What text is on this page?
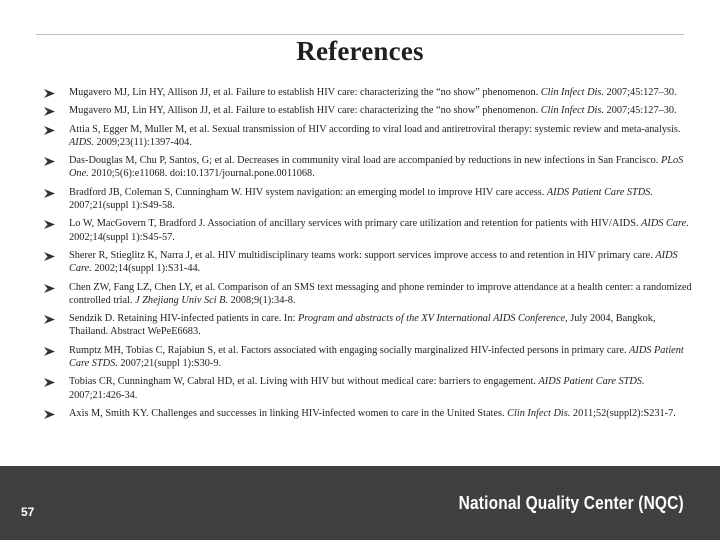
References
Mugavero MJ, Lin HY, Allison JJ, et al. Failure to establish HIV care: characterizing the “no show” phenomenon. Clin Infect Dis. 2007;45:127–30.
Mugavero MJ, Lin HY, Allison JJ, et al. Failure to establish HIV care: characterizing the “no show” phenomenon. Clin Infect Dis. 2007;45:127–30.
Attia S, Egger M, Muller M, et al. Sexual transmission of HIV according to viral load and antiretroviral therapy: systemic review and meta-analysis. AIDS. 2009;23(11):1397-404.
Das-Douglas M, Chu P, Santos, G; et al. Decreases in community viral load are accompanied by reductions in new infections in San Francisco. PLoS One. 2010;5(6):e11068. doi:10.1371/journal.pone.0011068.
Bradford JB, Coleman S, Cunningham W. HIV system navigation: an emerging model to improve HIV care access. AIDS Patient Care STDS. 2007;21(suppl 1):S49-58.
Lo W, MacGovern T, Bradford J. Association of ancillary services with primary care utilization and retention for patients with HIV/AIDS. AIDS Care. 2002;14(suppl 1):S45-57.
Sherer R, Stieglitz K, Narra J, et al. HIV multidisciplinary teams work: support services improve access to and retention in HIV primary care. AIDS Care. 2002;14(suppl 1):S31-44.
Chen ZW, Fang LZ, Chen LY, et al. Comparison of an SMS text messaging and phone reminder to improve attendance at a health center: a randomized controlled trial. J Zhejiang Univ Sci B. 2008;9(1):34-8.
Sendzik D. Retaining HIV-infected patients in care. In: Program and abstracts of the XV International AIDS Conference, July 2004, Bangkok, Thailand. Abstract WePeE6683.
Rumptz MH, Tobias C, Rajabiun S, et al. Factors associated with engaging socially marginalized HIV-infected persons in primary care. AIDS Patient Care STDS. 2007;21(suppl 1):S30-9.
Tobias CR, Cunningham W, Cabral HD, et al. Living with HIV but without medical care: barriers to engagement. AIDS Patient Care STDS. 2007;21:426-34.
Axis M, Smith KY. Challenges and successes in linking HIV-infected women to care in the United States. Clin Infect Dis. 2011;52(suppl2):S231-7.
57	National Quality Center (NQC)
